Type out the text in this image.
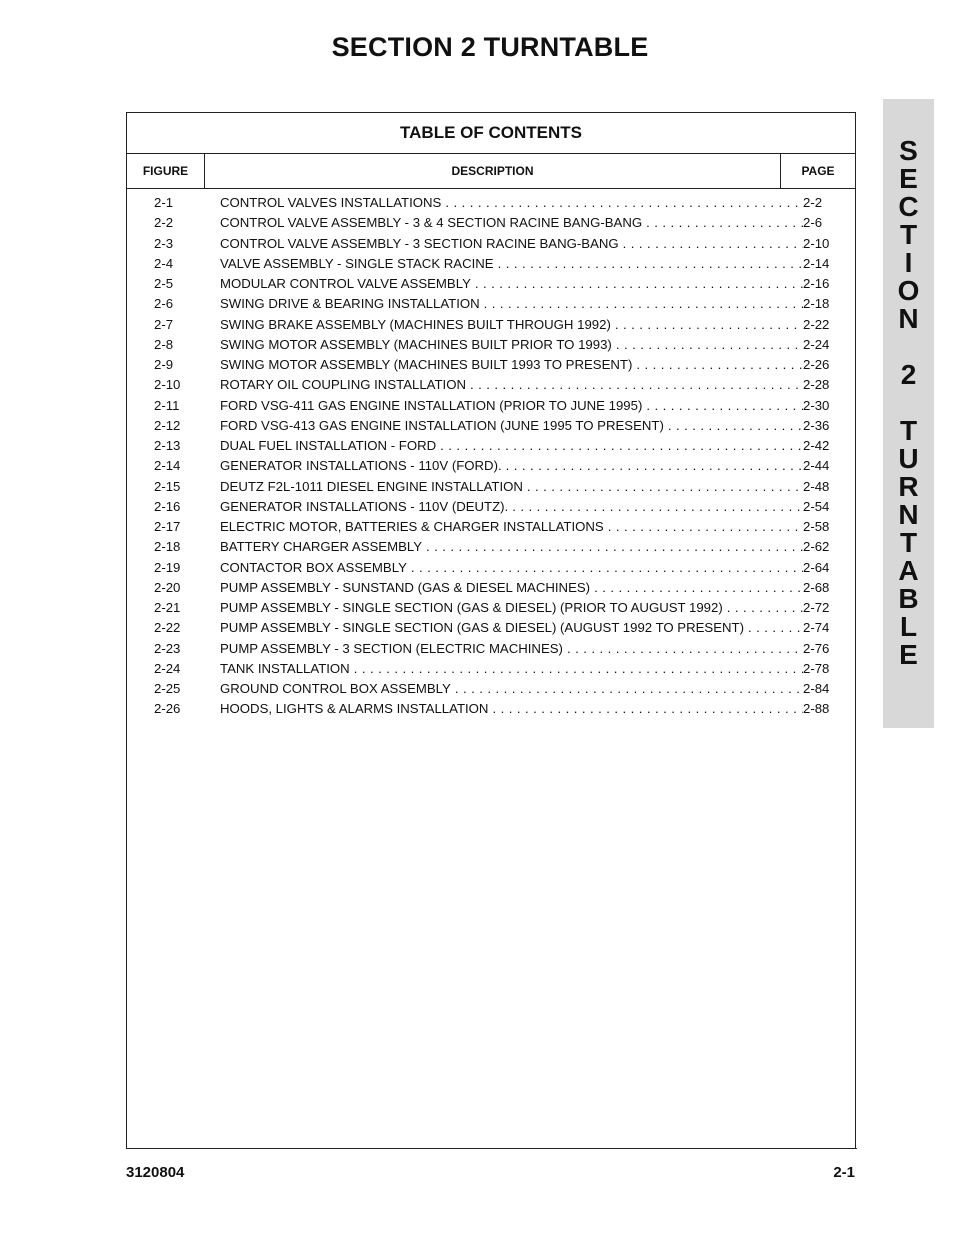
SECTION 2 TURNTABLE
TABLE OF CONTENTS
FIGURE	DESCRIPTION	PAGE
2-1	CONTROL VALVES INSTALLATIONS . . .	2-2
2-2	CONTROL VALVE ASSEMBLY - 3 & 4 SECTION RACINE BANG-BANG . . .	2-6
2-3	CONTROL VALVE ASSEMBLY - 3 SECTION RACINE BANG-BANG . . .	2-10
2-4	VALVE ASSEMBLY - SINGLE STACK RACINE . . .	2-14
2-5	MODULAR CONTROL VALVE ASSEMBLY . . .	2-16
2-6	SWING DRIVE & BEARING INSTALLATION . . .	2-18
2-7	SWING BRAKE ASSEMBLY (MACHINES BUILT THROUGH 1992) . . .	2-22
2-8	SWING MOTOR ASSEMBLY (MACHINES BUILT PRIOR TO 1993) . . .	2-24
2-9	SWING MOTOR ASSEMBLY (MACHINES BUILT 1993 TO PRESENT) . . .	2-26
2-10	ROTARY OIL COUPLING INSTALLATION . . .	2-28
2-11	FORD VSG-411 GAS ENGINE INSTALLATION (PRIOR TO JUNE 1995) . . .	2-30
2-12	FORD VSG-413 GAS ENGINE INSTALLATION (JUNE 1995 TO PRESENT) . . .	2-36
2-13	DUAL FUEL INSTALLATION - FORD . . .	2-42
2-14	GENERATOR INSTALLATIONS - 110V (FORD). . . .	2-44
2-15	DEUTZ F2L-1011 DIESEL ENGINE INSTALLATION . . .	2-48
2-16	GENERATOR INSTALLATIONS - 110V (DEUTZ). . . .	2-54
2-17	ELECTRIC MOTOR, BATTERIES & CHARGER INSTALLATIONS . . .	2-58
2-18	BATTERY CHARGER ASSEMBLY . . .	2-62
2-19	CONTACTOR BOX ASSEMBLY . . .	2-64
2-20	PUMP ASSEMBLY - SUNSTAND (GAS & DIESEL MACHINES) . . .	2-68
2-21	PUMP ASSEMBLY - SINGLE SECTION (GAS & DIESEL) (PRIOR TO AUGUST 1992) . . .	2-72
2-22	PUMP ASSEMBLY - SINGLE SECTION (GAS & DIESEL) (AUGUST 1992 TO PRESENT) . . .	2-74
2-23	PUMP ASSEMBLY - 3 SECTION (ELECTRIC MACHINES) . . .	2-76
2-24	TANK INSTALLATION . . .	2-78
2-25	GROUND CONTROL BOX ASSEMBLY . . .	2-84
2-26	HOODS, LIGHTS & ALARMS INSTALLATION . . .	2-88
S
E
C
T
I
O
N
2
T
U
R
N
T
A
B
L
E
3120804	2-1
